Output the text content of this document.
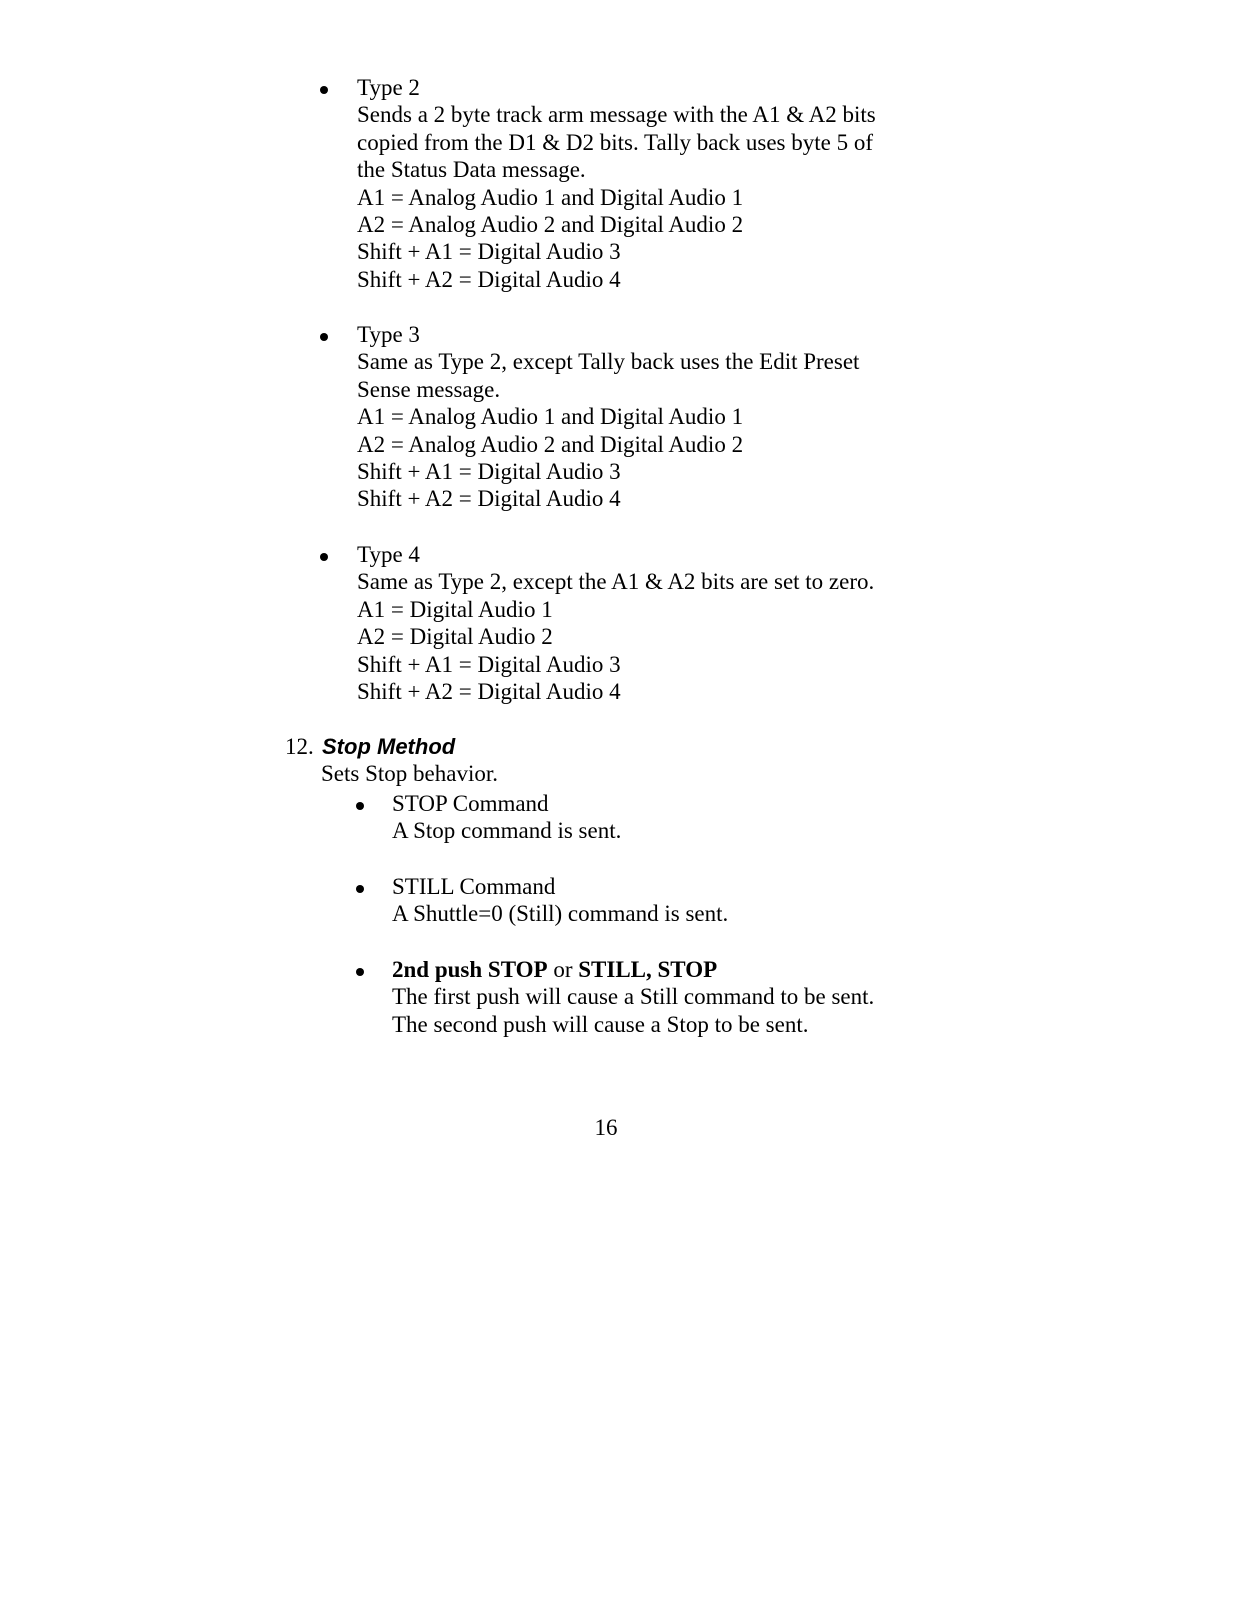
Type 2
Sends a 2 byte track arm message with the A1 & A2 bits
copied from the D1 & D2 bits. Tally back uses byte 5 of
the Status Data message.
A1 = Analog Audio 1 and Digital Audio 1
A2 = Analog Audio 2 and Digital Audio 2
Shift + A1 = Digital Audio 3
Shift + A2 = Digital Audio 4
Type 3
Same as Type 2, except Tally back uses the Edit Preset
Sense message.
A1 = Analog Audio 1 and Digital Audio 1
A2 = Analog Audio 2 and Digital Audio 2
Shift + A1 = Digital Audio 3
Shift + A2 = Digital Audio 4
Type 4
Same as Type 2, except the A1 & A2 bits are set to zero.
A1 = Digital Audio 1
A2 = Digital Audio 2
Shift + A1 = Digital Audio 3
Shift + A2 = Digital Audio 4
12. Stop Method
Sets Stop behavior.
STOP Command
A Stop command is sent.
STILL Command
A Shuttle=0 (Still) command is sent.
2nd push STOP or STILL, STOP
The first push will cause a Still command to be sent.
The second push will cause a Stop to be sent.
16
